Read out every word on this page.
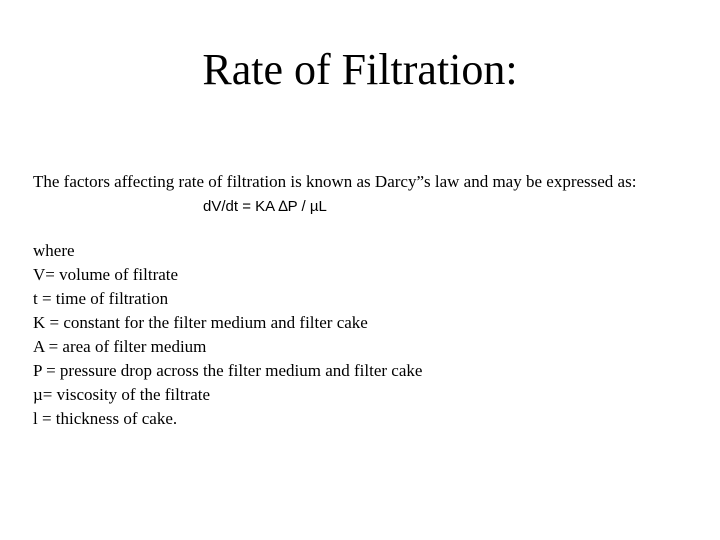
Rate of Filtration:

The factors affecting rate of filtration is known as Darcy”s law and may be expressed as:

dV/dt = KA ∆P / µL
where
V= volume of filtrate
t = time of filtration
K = constant for the filter medium and filter cake
A = area of filter medium
P = pressure drop across the filter medium and filter cake
µ= viscosity of the filtrate
l = thickness of cake.
